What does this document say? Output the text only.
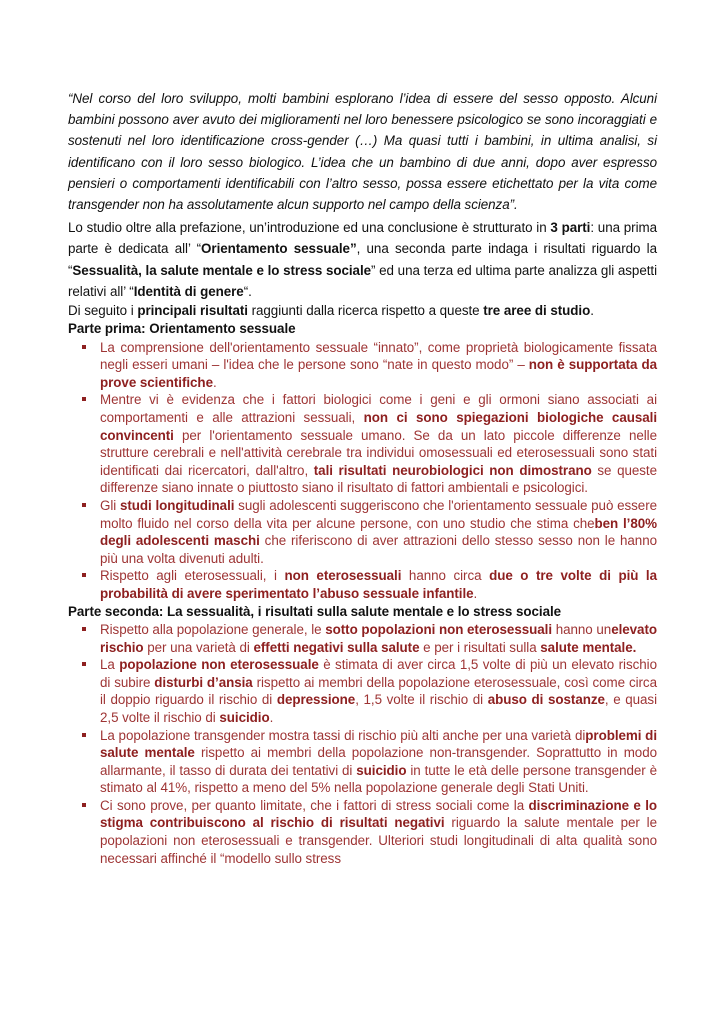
“Nel corso del loro sviluppo, molti bambini esplorano l’idea di essere del sesso opposto. Alcuni bambini possono aver avuto dei miglioramenti nel loro benessere psicologico se sono incoraggiati e sostenuti nel loro identificazione cross-gender (…) Ma quasi tutti i bambini, in ultima analisi, si identificano con il loro sesso biologico. L’idea che un bambino di due anni, dopo aver espresso pensieri o comportamenti identificabili con l’altro sesso, possa essere etichettato per la vita come transgender non ha assolutamente alcun supporto nel campo della scienza”.

Lo studio oltre alla prefazione, un’introduzione ed una conclusione è strutturato in 3 parti: una prima parte è dedicata all’ “Orientamento sessuale”, una seconda parte indaga i risultati riguardo la “Sessualità, la salute mentale e lo stress sociale” ed una terza ed ultima parte analizza gli aspetti relativi all’ “Identità di genere“.

Di seguito i principali risultati raggiunti dalla ricerca rispetto a queste tre aree di studio.

Parte prima: Orientamento sessuale
La comprensione dell'orientamento sessuale “innato”, come proprietà biologicamente fissata negli esseri umani – l'idea che le persone sono “nate in questo modo” – non è supportata da prove scientifiche.
Mentre vi è evidenza che i fattori biologici come i geni e gli ormoni siano associati ai comportamenti e alle attrazioni sessuali, non ci sono spiegazioni biologiche causali convincenti per l'orientamento sessuale umano. Se da un lato piccole differenze nelle strutture cerebrali e nell'attività cerebrale tra individui omosessuali ed eterosessuali sono stati identificati dai ricercatori, dall'altro, tali risultati neurobiologici non dimostrano se queste differenze siano innate o piuttosto siano il risultato di fattori ambientali e psicologici.
Gli studi longitudinali sugli adolescenti suggeriscono che l'orientamento sessuale può essere molto fluido nel corso della vita per alcune persone, con uno studio che stima cheben l’80% degli adolescenti maschi che riferiscono di aver attrazioni dello stesso sesso non le hanno più una volta divenuti adulti.
Rispetto agli eterosessuali, i non eterosessuali hanno circa due o tre volte di più la probabilità di avere sperimentato l’abuso sessuale infantile.
Parte seconda: La sessualità, i risultati sulla salute mentale e lo stress sociale
Rispetto alla popolazione generale, le sotto popolazioni non eterosessuali hanno unelevato rischio per una varietà di effetti negativi sulla salute e per i risultati sulla salute mentale.
La popolazione non eterosessuale è stimata di aver circa 1,5 volte di più un elevato rischio di subire disturbi d’ansia rispetto ai membri della popolazione eterosessuale, così come circa il doppio riguardo il rischio di depressione, 1,5 volte il rischio di abuso di sostanze, e quasi 2,5 volte il rischio di suicidio.
La popolazione transgender mostra tassi di rischio più alti anche per una varietà diproblemi di salute mentale rispetto ai membri della popolazione non-transgender. Soprattutto in modo allarmante, il tasso di durata dei tentativi di suicidio in tutte le età delle persone transgender è stimato al 41%, rispetto a meno del 5% nella popolazione generale degli Stati Uniti.
Ci sono prove, per quanto limitate, che i fattori di stress sociali come la discriminazione e lo stigma contribuiscono al rischio di risultati negativi riguardo la salute mentale per le popolazioni non eterosessuali e transgender. Ulteriori studi longitudinali di alta qualità sono necessari affinché il “modello sullo stress
